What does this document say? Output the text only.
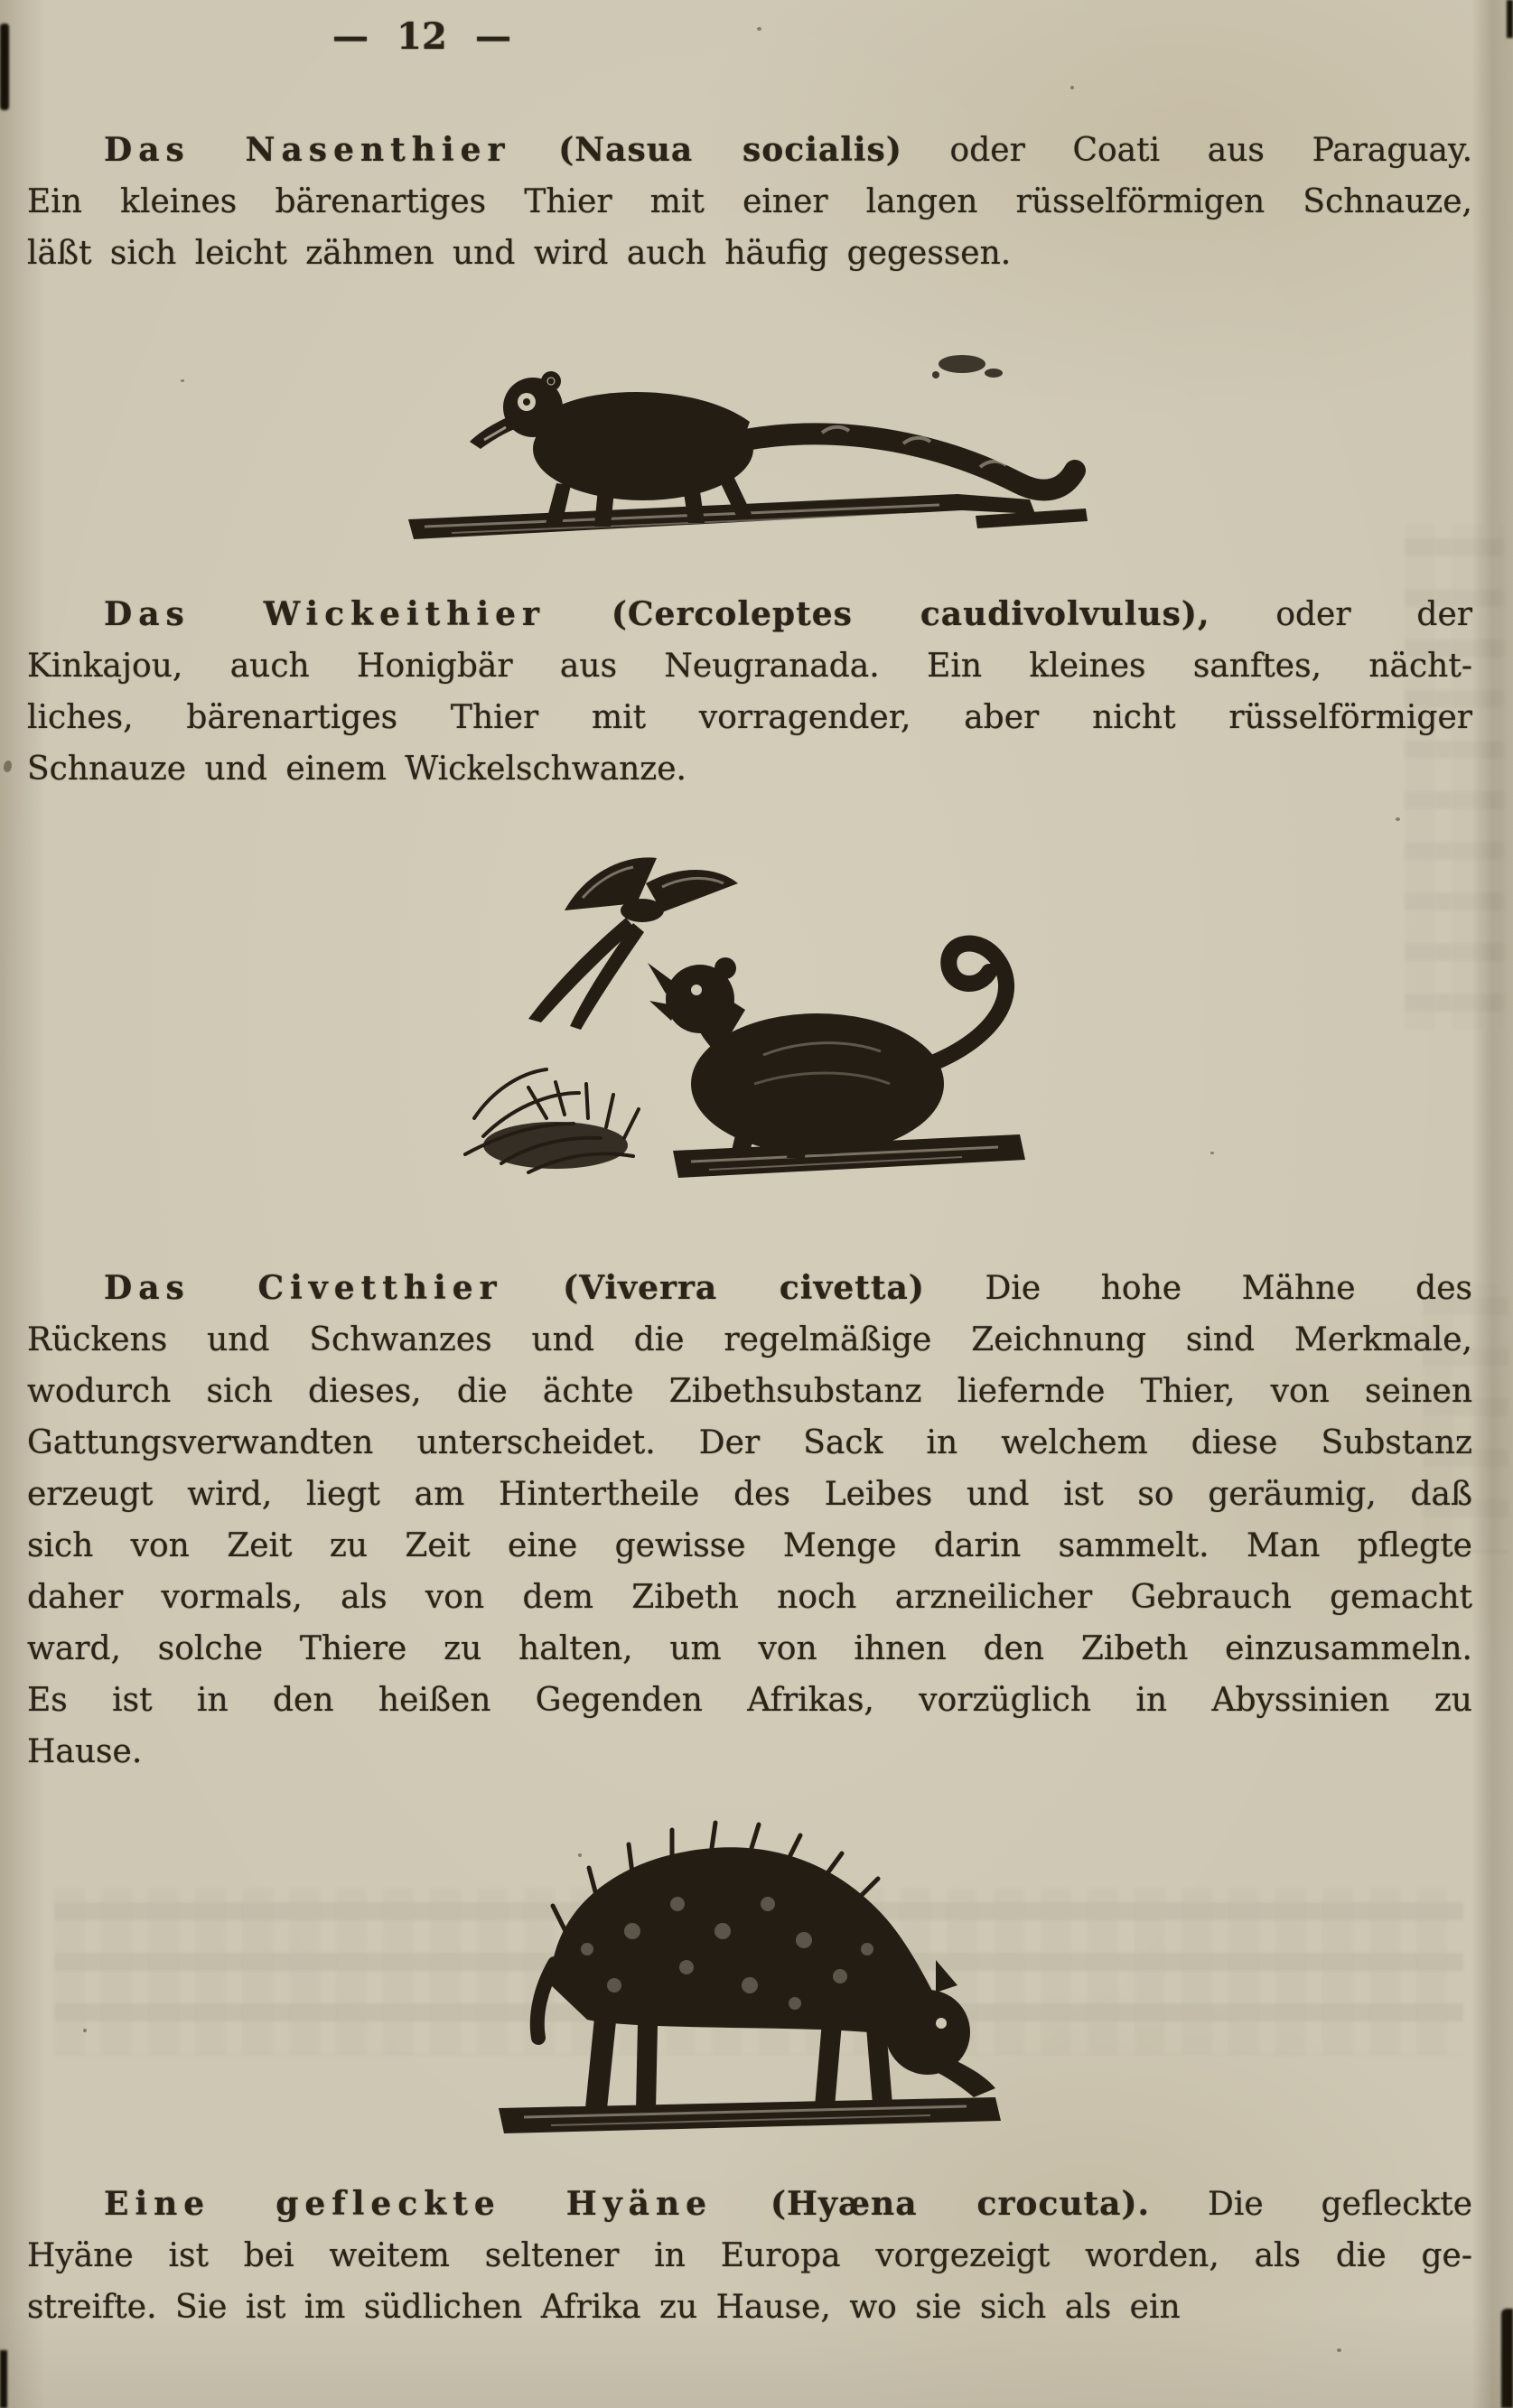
— 12 —
Das Nasenthier (Nasua socialis) oder Coati aus Paraguay.
Ein kleines bärenartiges Thier mit einer langen rüsselförmigen Schnauze,
läßt sich leicht zähmen und wird auch häufig gegessen.
Das Wickeithier (Cercoleptes caudivolvulus), oder der
Kinkajou, auch Honigbär aus Neugranada. Ein kleines sanftes, nächt-
liches, bärenartiges Thier mit vorragender, aber nicht rüsselförmiger
Schnauze und einem Wickelschwanze.
Das Civetthier (Viverra civetta) Die hohe Mähne des
Rückens und Schwanzes und die regelmäßige Zeichnung sind Merkmale,
wodurch sich dieses, die ächte Zibethsubstanz liefernde Thier, von seinen
Gattungsverwandten unterscheidet. Der Sack in welchem diese Substanz
erzeugt wird, liegt am Hintertheile des Leibes und ist so geräumig, daß
sich von Zeit zu Zeit eine gewisse Menge darin sammelt. Man pflegte
daher vormals, als von dem Zibeth noch arzneilicher Gebrauch gemacht
ward, solche Thiere zu halten, um von ihnen den Zibeth einzusammeln.
Es ist in den heißen Gegenden Afrikas, vorzüglich in Abyssinien zu
Hause.
Eine gefleckte Hyäne (Hyæna crocuta). Die gefleckte
Hyäne ist bei weitem seltener in Europa vorgezeigt worden, als die ge-
streifte. Sie ist im südlichen Afrika zu Hause, wo sie sich als ein
